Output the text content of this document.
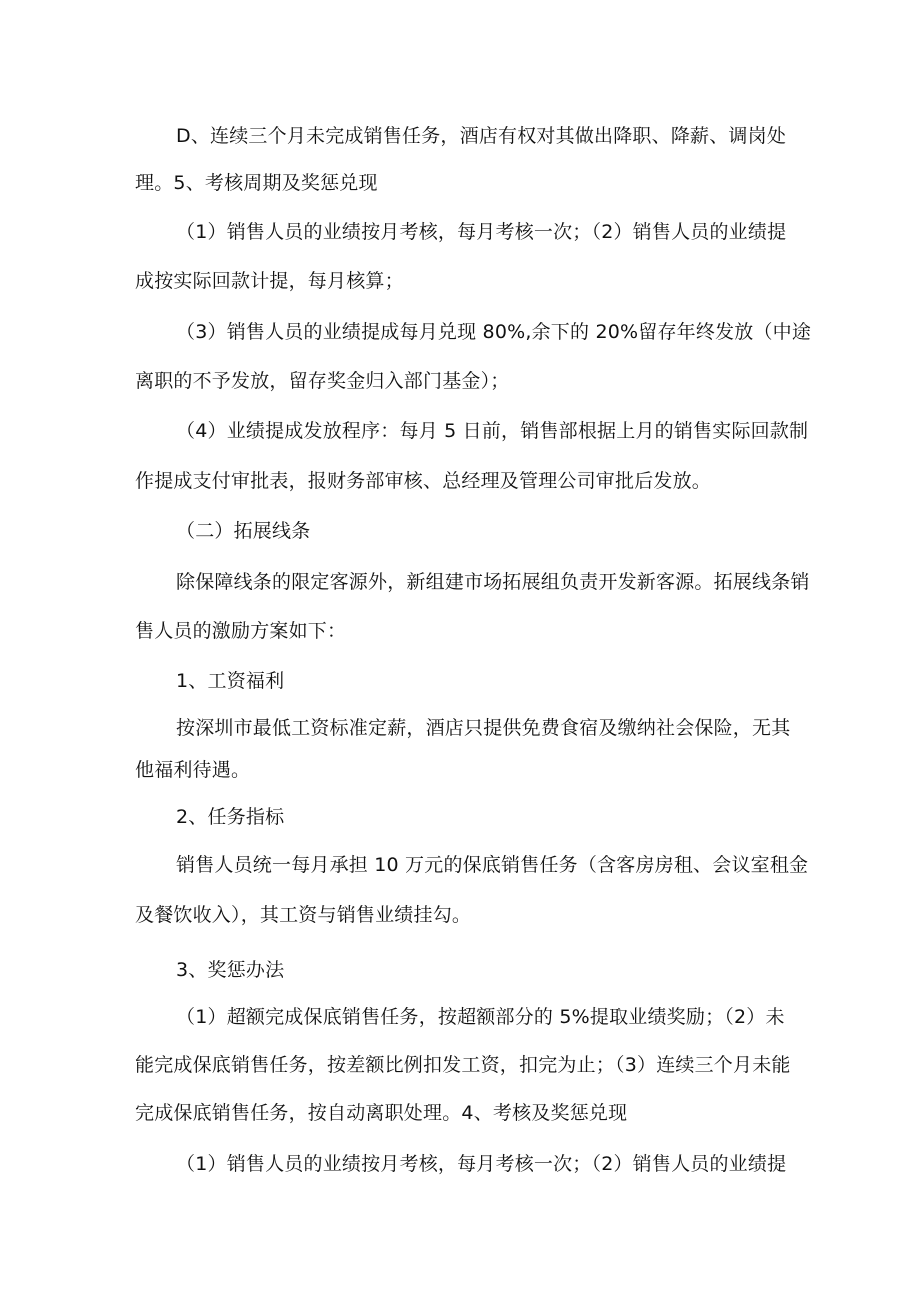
D、连续三个月未完成销售任务，酒店有权对其做出降职、降薪、调岗处
理。5、考核周期及奖惩兑现
（1）销售人员的业绩按月考核，每月考核一次；（2）销售人员的业绩提
成按实际回款计提，每月核算；
（3）销售人员的业绩提成每月兑现 80%,余下的 20%留存年终发放（中途
离职的不予发放，留存奖金归入部门基金）；
（4）业绩提成发放程序：每月 5 日前，销售部根据上月的销售实际回款制
作提成支付审批表，报财务部审核、总经理及管理公司审批后发放。
（二）拓展线条
除保障线条的限定客源外，新组建市场拓展组负责开发新客源。拓展线条销
售人员的激励方案如下：
1、工资福利
按深圳市最低工资标准定薪，酒店只提供免费食宿及缴纳社会保险，无其
他福利待遇。
2、任务指标
销售人员统一每月承担 10 万元的保底销售任务（含客房房租、会议室租金
及餐饮收入），其工资与销售业绩挂勾。
3、奖惩办法
（1）超额完成保底销售任务，按超额部分的 5%提取业绩奖励；（2）未
能完成保底销售任务，按差额比例扣发工资，扣完为止；（3）连续三个月未能
完成保底销售任务，按自动离职处理。4、考核及奖惩兑现
（1）销售人员的业绩按月考核，每月考核一次；（2）销售人员的业绩提
